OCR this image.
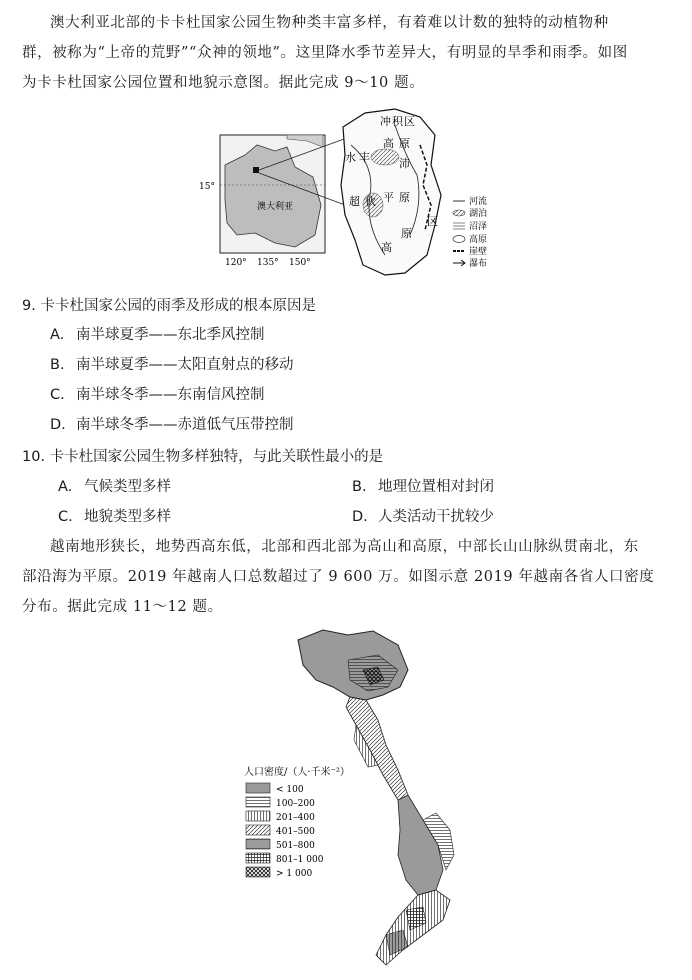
澳大利亚北部的卡卡杜国家公园生物种类丰富多样，有着难以计数的独特的动植物种

群，被称为“上帝的荒野”“众神的领地”。这里降水季节差异大，有明显的旱季和雨季。如图

为卡卡杜国家公园位置和地貌示意图。据此完成 9～10 题。

澳大利亚
15°
120° 135° 150°
冲 积 区
高 原
水 丰	沛
超 伙 平 原
区
高
原
河流
湖泊
沼泽
高原
崖壁
瀑布
9. 卡卡杜国家公园的雨季及形成的根本原因是
A. 南半球夏季——东北季风控制
B. 南半球夏季——太阳直射点的移动
C. 南半球冬季——东南信风控制
D. 南半球冬季——赤道低气压带控制
10. 卡卡杜国家公园生物多样独特，与此关联性最小的是
A. 气候类型多样	B. 地理位置相对封闭
C. 地貌类型多样	D. 人类活动干扰较少

越南地形狭长，地势西高东低，北部和西北部为高山和高原，中部长山山脉纵贯南北，东

部沿海为平原。2019 年越南人口总数超过了 9 600 万。如图示意 2019 年越南各省人口密度

分布。据此完成 11～12 题。

人口密度/（人·千米⁻²）
< 100
100–200
201–400
401–500
501–800
801–1 000
> 1 000
